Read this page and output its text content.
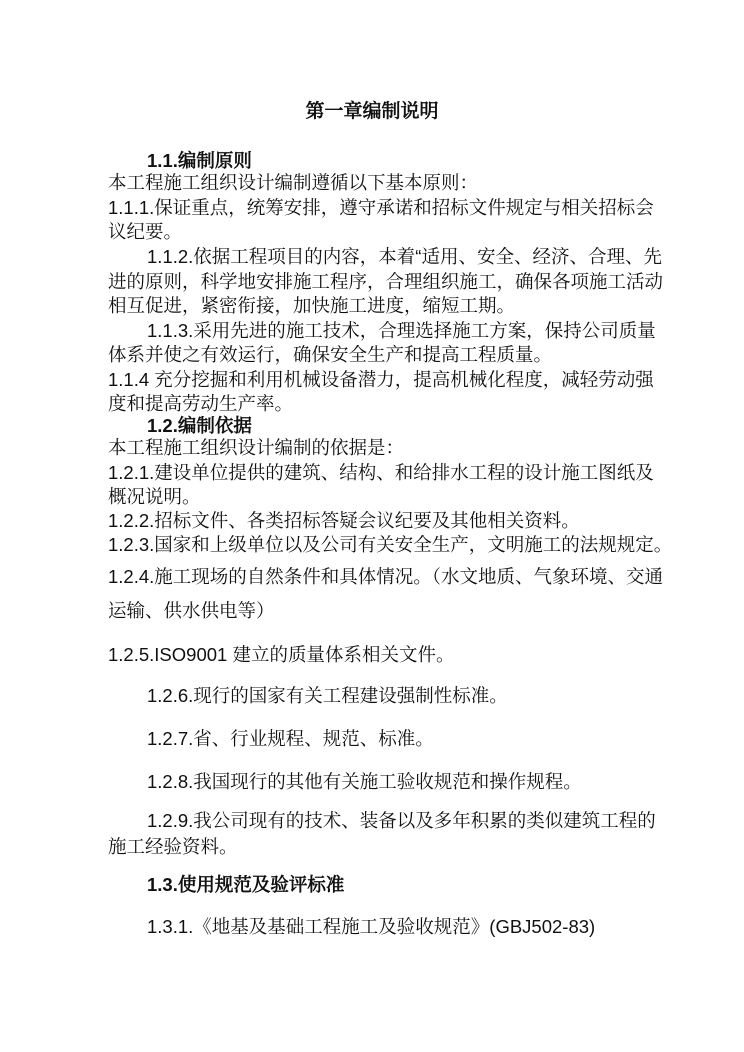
第一章编制说明
1.1.编制原则
本工程施工组织设计编制遵循以下基本原则：
1.1.1.保证重点，统筹安排，遵守承诺和招标文件规定与相关招标会
议纪要。
1.1.2.依据工程项目的内容，本着“适用、安全、经济、合理、先
进的原则，科学地安排施工程序，合理组织施工，确保各项施工活动
相互促进，紧密衔接，加快施工进度，缩短工期。
1.1.3.采用先进的施工技术，合理选择施工方案，保持公司质量
体系并使之有效运行，确保安全生产和提高工程质量。
1.1.4 充分挖掘和利用机械设备潜力，提高机械化程度，减轻劳动强
度和提高劳动生产率。
1.2.编制依据
本工程施工组织设计编制的依据是：
1.2.1.建设单位提供的建筑、结构、和给排水工程的设计施工图纸及
概况说明。
1.2.2.招标文件、各类招标答疑会议纪要及其他相关资料。
1.2.3.国家和上级单位以及公司有关安全生产，文明施工的法规规定。
1.2.4.施工现场的自然条件和具体情况。（水文地质、气象环境、交通
运输、供水供电等）
1.2.5.ISO9001 建立的质量体系相关文件。
1.2.6.现行的国家有关工程建设强制性标准。
1.2.7.省、行业规程、规范、标准。
1.2.8.我国现行的其他有关施工验收规范和操作规程。
1.2.9.我公司现有的技术、装备以及多年积累的类似建筑工程的
施工经验资料。
1.3.使用规范及验评标准
1.3.1.《地基及基础工程施工及验收规范》(GBJ502-83)
